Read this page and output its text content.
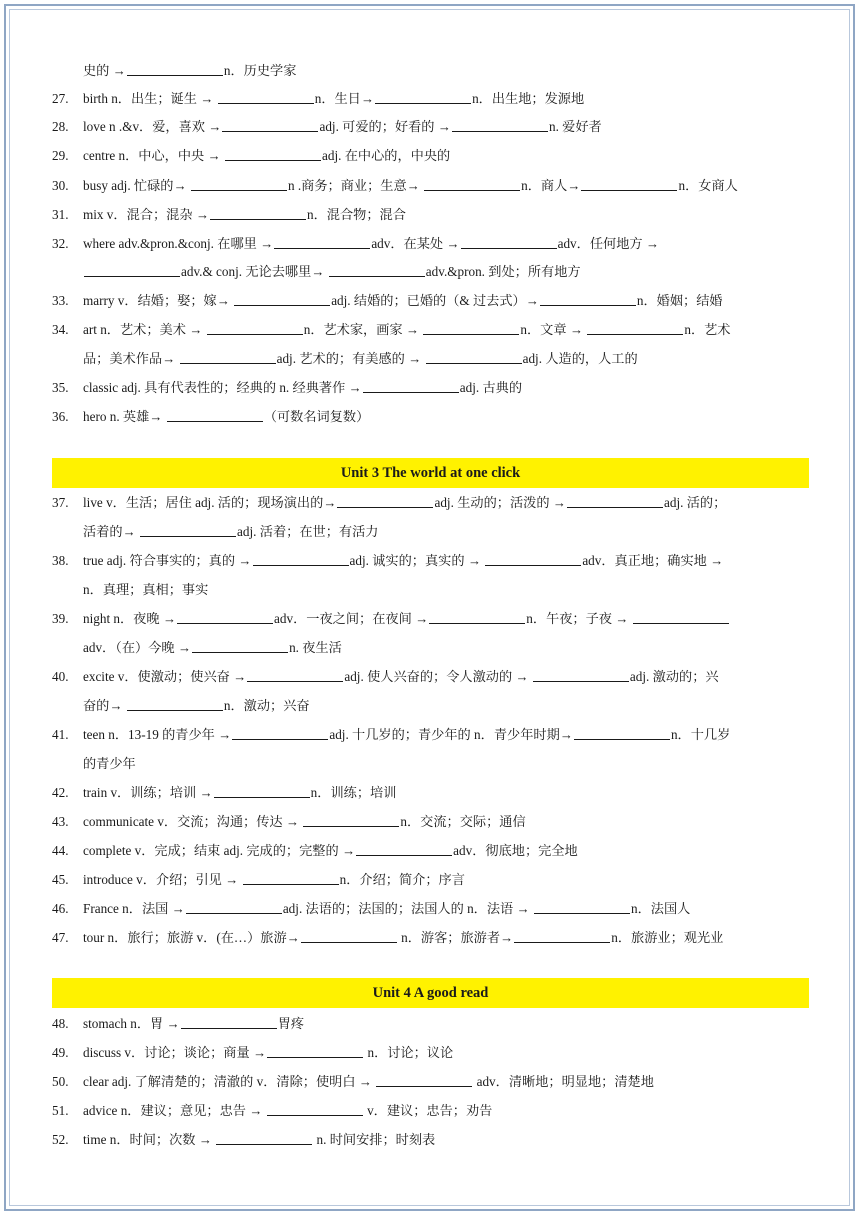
史的 →	n．历史学家
27. birth n．出生；诞生 →	n．生日→	n．出生地；发源地
28. love n .&v．爱，喜欢 →	adj. 可爱的；好看的 →	n. 爱好者
29. centre n．中心，中央 →	adj. 在中心的，中央的
30. busy adj. 忙碌的→	n .商务；商业；生意→	n．商人→	n．女商人
31. mix v．混合；混杂 →	n．混合物；混合
32. where adv.&pron.&conj. 在哪里 →	adv．在某处 →	adv．任何地方 →
adv.& conj. 无论去哪里→	adv.&pron. 到处；所有地方
33. marry v．结婚；娶；嫁→	adj. 结婚的；已婚的（& 过去式）→	n．婚姻；结婚
34. art n．艺术；美术 →	n．艺术家，画家 →	n．文章 →	n．艺术
品；美术作品→	adj. 艺术的；有美感的 →	adj. 人造的，人工的
35. classic adj. 具有代表性的；经典的 n. 经典著作 →	adj. 古典的
36. hero n. 英雄→	（可数名词复数）
37. live v．生活；居住 adj. 活的；现场演出的→	adj. 生动的；活泼的 →	adj. 活的；
活着的→	adj. 活着；在世；有活力
38. true adj. 符合事实的；真的 →	adj. 诚实的；真实的 →	adv．真正地；确实地 →
n．真理；真相；事实
39. night n．夜晚 →	adv．一夜之间；在夜间 →	n．午夜；子夜 →
adv．（在）今晚 →	n. 夜生活
40. excite v．使激动；使兴奋 →	adj. 使人兴奋的；令人激动的 →	adj. 激动的；兴
奋的→	n．激动；兴奋
41. teen n．13-19 的青少年 →	adj. 十几岁的；青少年的 n．青少年时期→	n．十几岁
的青少年
42. train v．训练；培训 →	n．训练；培训
43. communicate v．交流；沟通；传达 →	n．交流；交际；通信
44. complete v．完成；结束 adj. 完成的；完整的 →	adv．彻底地；完全地
45. introduce v．介绍；引见 →	n．介绍；简介；序言
46. France n．法国 →	adj. 法语的；法国的；法国人的 n．法语 →	n．法国人
47. tour n．旅行；旅游 v．(在…）旅游→	n．游客；旅游者→	n．旅游业；观光业
48. stomach n．胃 →	胃疼
49. discuss v．讨论；谈论；商量 →	n．讨论；议论
50. clear adj. 了解清楚的；清澈的 v．清除；使明白 →	adv．清晰地；明显地；清楚地
51. advice n．建议；意见；忠告 →	v．建议；忠告；劝告
52. time n．时间；次数 →	n. 时间安排；时刻表
Unit 3 The world at one click
Unit 4 A good read
